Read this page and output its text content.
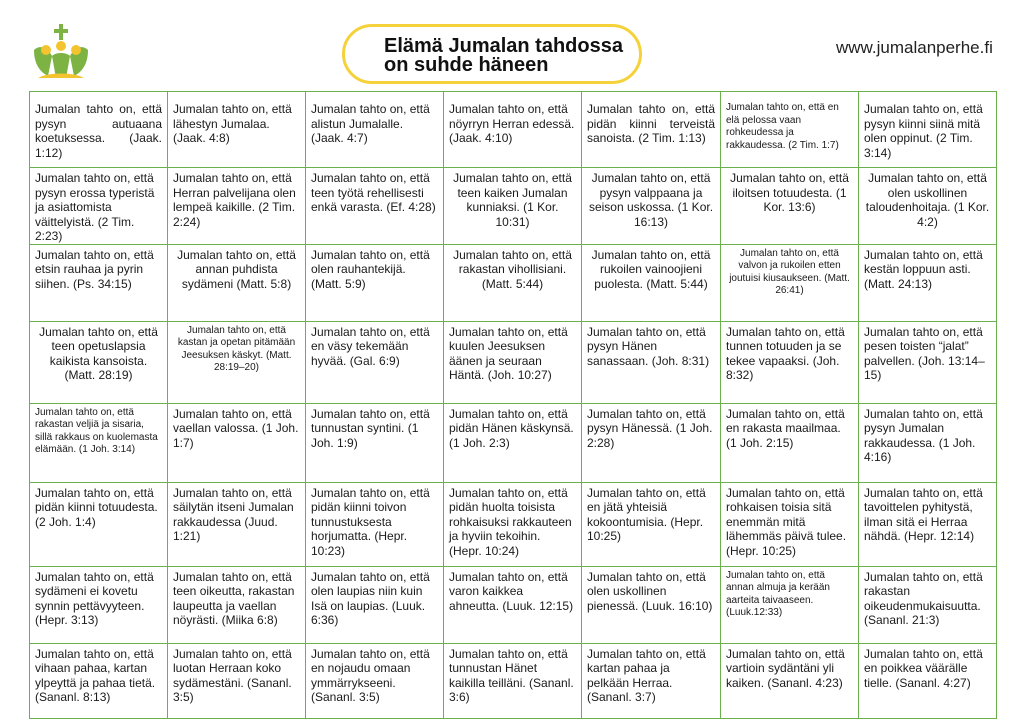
Elämä Jumalan tahdossa
on suhde häneen
www.jumalanperhe.fi
Jumalan tahto on, että pysyn autuaana koetuksessa. (Jaak. 1:12)	Jumalan tahto on, että lähestyn Jumalaa. (Jaak. 4:8)	Jumalan tahto on, että alistun Jumalalle. (Jaak. 4:7)	Jumalan tahto on, että nöyrryn Herran edessä. (Jaak. 4:10)	Jumalan tahto on, että pidän kiinni terveistä sanoista. (2 Tim. 1:13)	Jumalan tahto on, että en elä pelossa vaan rohkeudessa ja rakkaudessa. (2 Tim. 1:7)	Jumalan tahto on, että pysyn kiinni siinä mitä olen oppinut. (2 Tim. 3:14)
Jumalan tahto on, että pysyn erossa typeristä ja asiattomista väittelyistä. (2 Tim. 2:23)	Jumalan tahto on, että Herran palvelijana olen lempeä kaikille. (2 Tim. 2:24)	Jumalan tahto on, että teen työtä rehellisesti enkä varasta. (Ef. 4:28)	Jumalan tahto on, että teen kaiken Jumalan kunniaksi. (1 Kor. 10:31)	Jumalan tahto on, että pysyn valppaana ja seison uskossa. (1 Kor. 16:13)	Jumalan tahto on, että iloitsen totuudesta. (1 Kor. 13:6)	Jumalan tahto on, että olen uskollinen taloudenhoitaja. (1 Kor. 4:2)
Jumalan tahto on, että etsin rauhaa ja pyrin siihen. (Ps. 34:15)	Jumalan tahto on, että annan puhdista sydämeni (Matt. 5:8)	Jumalan tahto on, että olen rauhantekijä. (Matt. 5:9)	Jumalan tahto on, että rakastan vihollisiani. (Matt. 5:44)	Jumalan tahto on, että rukoilen vainoojieni puolesta. (Matt. 5:44)	Jumalan tahto on, että valvon ja rukoilen etten joutuisi kiusaukseen. (Matt. 26:41)	Jumalan tahto on, että kestän loppuun asti. (Matt. 24:13)
Jumalan tahto on, että teen opetuslapsia kaikista kansoista. (Matt. 28:19)	Jumalan tahto on, että kastan ja opetan pitämään Jeesuksen käskyt. (Matt. 28:19–20)	Jumalan tahto on, että en väsy tekemään hyvää. (Gal. 6:9)	Jumalan tahto on, että kuulen Jeesuksen äänen ja seuraan Häntä. (Joh. 10:27)	Jumalan tahto on, että pysyn Hänen sanassaan. (Joh. 8:31)	Jumalan tahto on, että tunnen totuuden ja se tekee vapaaksi. (Joh. 8:32)	Jumalan tahto on, että pesen toisten “jalat” palvellen. (Joh. 13:14–15)
Jumalan tahto on, että rakastan veljiä ja sisaria, sillä rakkaus on kuolemasta elämään. (1 Joh. 3:14)	Jumalan tahto on, että vaellan valossa. (1 Joh. 1:7)	Jumalan tahto on, että tunnustan syntini. (1 Joh. 1:9)	Jumalan tahto on, että pidän Hänen käskynsä. (1 Joh. 2:3)	Jumalan tahto on, että pysyn Hänessä. (1 Joh. 2:28)	Jumalan tahto on, että en rakasta maailmaa. (1 Joh. 2:15)	Jumalan tahto on, että pysyn Jumalan rakkaudessa. (1 Joh. 4:16)
Jumalan tahto on, että pidän kiinni totuudesta. (2 Joh. 1:4)	Jumalan tahto on, että säilytän itseni Jumalan rakkaudessa (Juud. 1:21)	Jumalan tahto on, että pidän kiinni toivon tunnustuksesta horjumatta. (Hepr. 10:23)	Jumalan tahto on, että pidän huolta toisista rohkaisuksi rakkauteen ja hyviin tekoihin. (Hepr. 10:24)	Jumalan tahto on, että en jätä yhteisiä kokoontumisia. (Hepr. 10:25)	Jumalan tahto on, että rohkaisen toisia sitä enemmän mitä lähemmäs päivä tulee. (Hepr. 10:25)	Jumalan tahto on, että tavoittelen pyhitystä, ilman sitä ei Herraa nähdä. (Hepr. 12:14)
Jumalan tahto on, että sydämeni ei kovetu synnin pettävyyteen. (Hepr. 3:13)	Jumalan tahto on, että teen oikeutta, rakastan laupeutta ja vaellan nöyrästi. (Miika 6:8)	Jumalan tahto on, että olen laupias niin kuin Isä on laupias. (Luuk. 6:36)	Jumalan tahto on, että varon kaikkea ahneutta. (Luuk. 12:15)	Jumalan tahto on, että olen uskollinen pienessä. (Luuk. 16:10)	Jumalan tahto on, että annan almuja ja kerään aarteita taivaaseen. (Luuk.12:33)	Jumalan tahto on, että rakastan oikeudenmukaisuutta. (Sananl. 21:3)
Jumalan tahto on, että vihaan pahaa, kartan ylpeyttä ja pahaa tietä. (Sananl. 8:13)	Jumalan tahto on, että luotan Herraan koko sydämestäni. (Sananl. 3:5)	Jumalan tahto on, että en nojaudu omaan ymmärrykseeni. (Sananl. 3:5)	Jumalan tahto on, että tunnustan Hänet kaikilla teilläni. (Sananl. 3:6)	Jumalan tahto on, että kartan pahaa ja pelkään Herraa. (Sananl. 3:7)	Jumalan tahto on, että vartioin sydäntäni yli kaiken. (Sananl. 4:23)	Jumalan tahto on, että en poikkea väärälle tielle. (Sananl. 4:27)
